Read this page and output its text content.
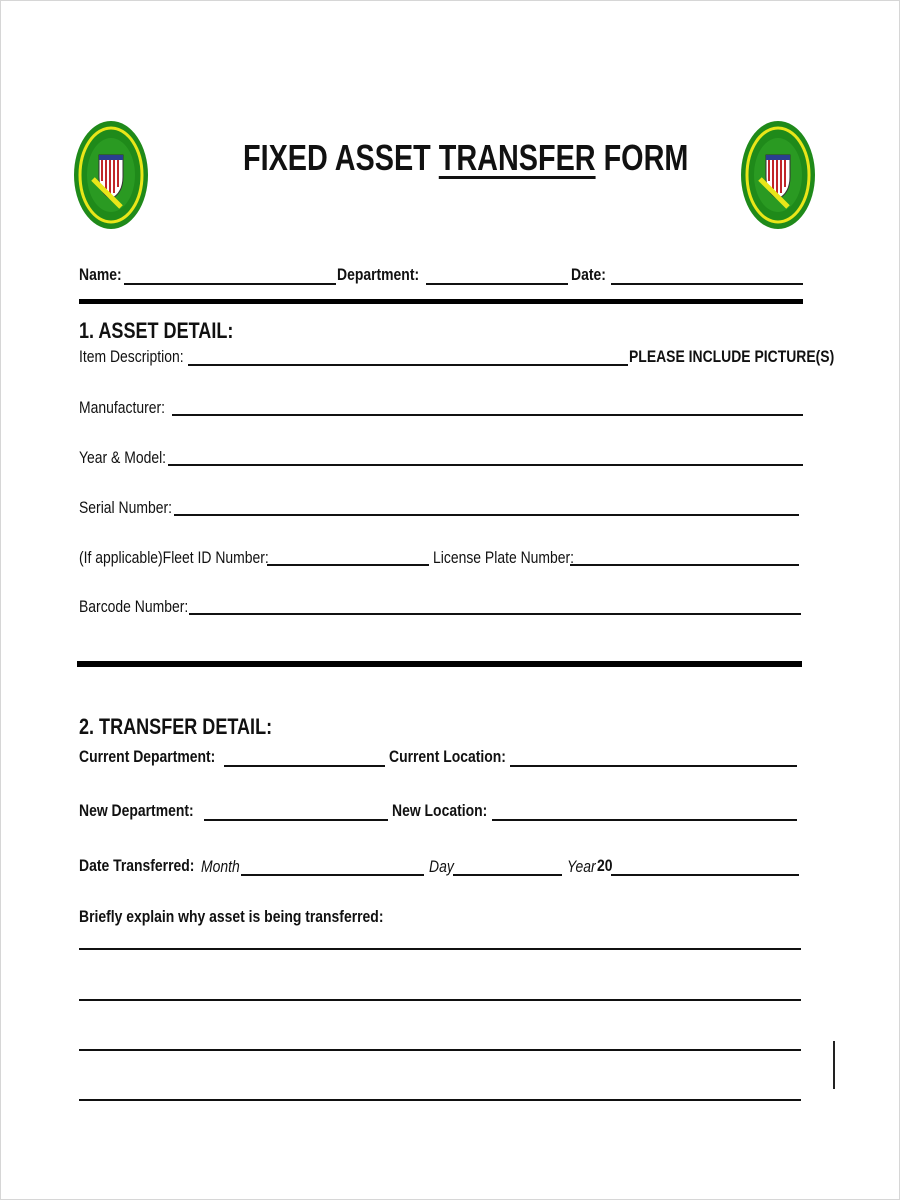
FIXED ASSET TRANSFER FORM
Name:	Department:	Date:
1. ASSET DETAIL:
Item Description:	PLEASE INCLUDE PICTURE(S)
Manufacturer:
Year & Model:
Serial Number:
(If applicable)Fleet ID Number:	License Plate Number:
Barcode Number:
2. TRANSFER DETAIL:
Current Department:	Current Location:
New Department:	New Location:
Date Transferred: Month	Day	Year 20
Briefly explain why asset is being transferred:
